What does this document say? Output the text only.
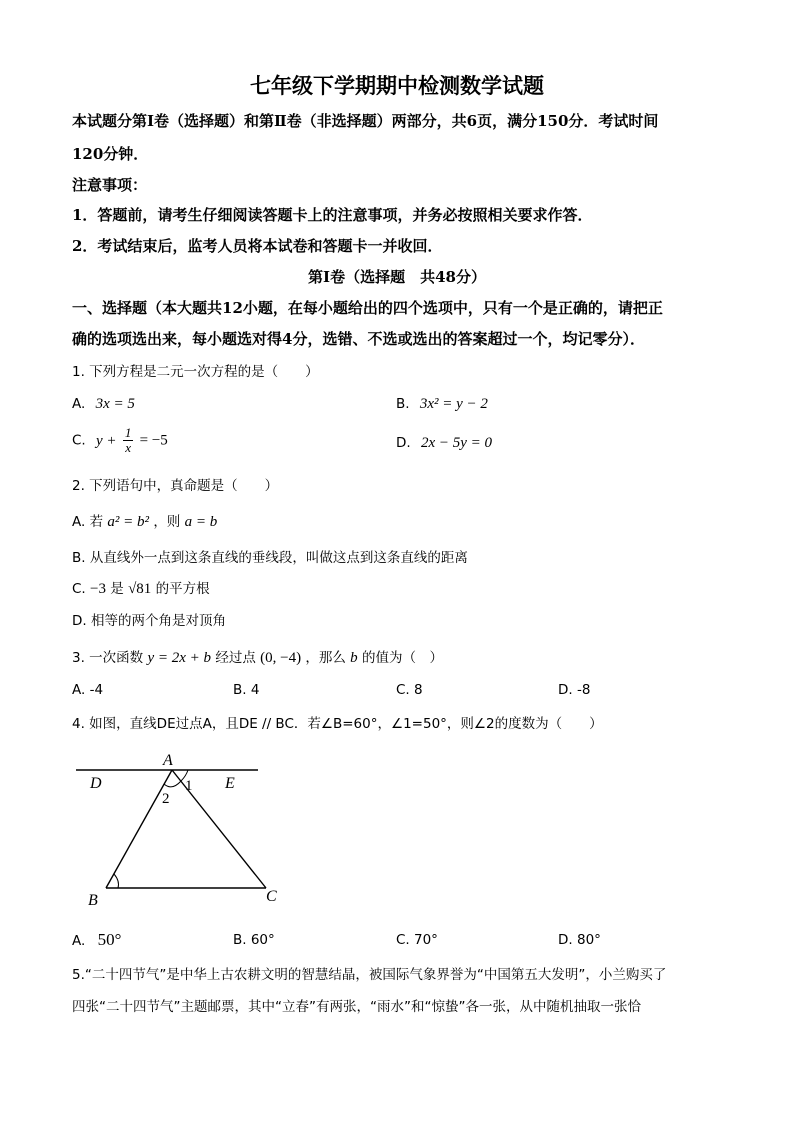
七年级下学期期中检测数学试题
本试题分第Ⅰ卷（选择题）和第Ⅱ卷（非选择题）两部分，共6页，满分150分．考试时间
120分钟．
注意事项：
1．答题前，请考生仔细阅读答题卡上的注意事项，并务必按照相关要求作答．
2．考试结束后，监考人员将本试卷和答题卡一并收回．
第Ⅰ卷（选择题　共48分）
一、选择题（本大题共12小题，在每小题给出的四个选项中，只有一个是正确的，请把正
确的选项选出来，每小题选对得4分，选错、不选或选出的答案超过一个，均记零分）．
1. 下列方程是二元一次方程的是（　　）
A. 3x = 5	B. 3x² = y − 2
C. $y + \frac{1}{x} = -5$	D. 2x − 5y = 0
2. 下列语句中，真命题是（　　）
A. 若 a² = b² ，则 a = b
B. 从直线外一点到这条直线的垂线段，叫做这点到这条直线的距离
C. −3 是 √81 的平方根
D. 相等的两个角是对顶角
3. 一次函数 y = 2x + b 经过点 (0, −4) ，那么 b 的值为（　）
A. -4	B. 4	C. 8	D. -8
4. 如图，直线DE过点A，且DE // BC．若∠B=60°，∠1=50°，则∠2的度数为（　　）
A
D	E
1
2
B	C
A. 50°	B. 60°	C. 70°	D. 80°
5.“二十四节气”是中华上古农耕文明的智慧结晶，被国际气象界誉为“中国第五大发明”，小兰购买了
四张“二十四节气”主题邮票，其中“立春”有两张，“雨水”和“惊蛰”各一张，从中随机抽取一张恰
